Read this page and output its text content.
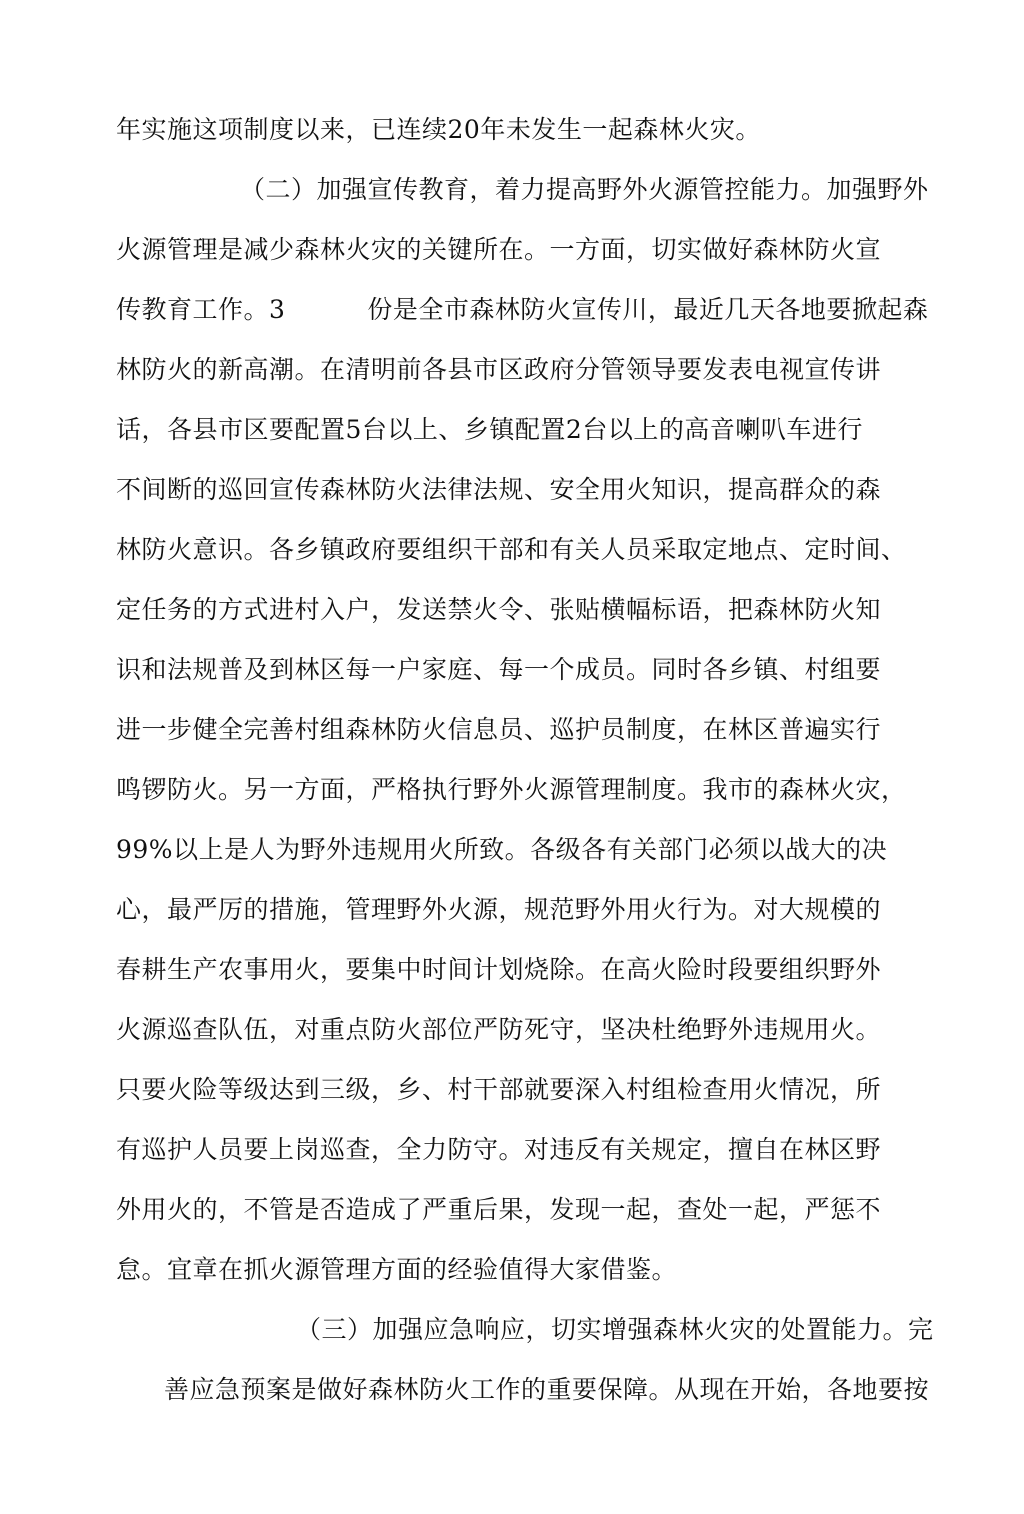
年实施这项制度以来，已连续20年未发生一起森林火灾。
（二）加强宣传教育，着力提高野外火源管控能力。加强野外
火源管理是减少森林火灾的关键所在。一方面，切实做好森林防火宣
传教育工作。3	份是全市森林防火宣传川，最近几天各地要掀起森
林防火的新高潮。在清明前各县市区政府分管领导要发表电视宣传讲
话，各县市区要配置5台以上、乡镇配置2台以上的高音喇叭车进行
不间断的巡回宣传森林防火法律法规、安全用火知识，提高群众的森
林防火意识。各乡镇政府要组织干部和有关人员采取定地点、定时间、
定任务的方式进村入户，发送禁火令、张贴横幅标语，把森林防火知
识和法规普及到林区每一户家庭、每一个成员。同时各乡镇、村组要
进一步健全完善村组森林防火信息员、巡护员制度，在林区普遍实行
鸣锣防火。另一方面，严格执行野外火源管理制度。我市的森林火灾，
99%以上是人为野外违规用火所致。各级各有关部门必须以战大的决
心，最严厉的措施，管理野外火源，规范野外用火行为。对大规模的
春耕生产农事用火，要集中时间计划烧除。在高火险时段要组织野外
火源巡查队伍，对重点防火部位严防死守，坚决杜绝野外违规用火。
只要火险等级达到三级，乡、村干部就要深入村组检查用火情况，所
有巡护人员要上岗巡查，全力防守。对违反有关规定，擅自在林区野
外用火的，不管是否造成了严重后果，发现一起，查处一起，严惩不
怠。宜章在抓火源管理方面的经验值得大家借鉴。
（三）加强应急响应，切实增强森林火灾的处置能力。完
善应急预案是做好森林防火工作的重要保障。从现在开始，各地要按
